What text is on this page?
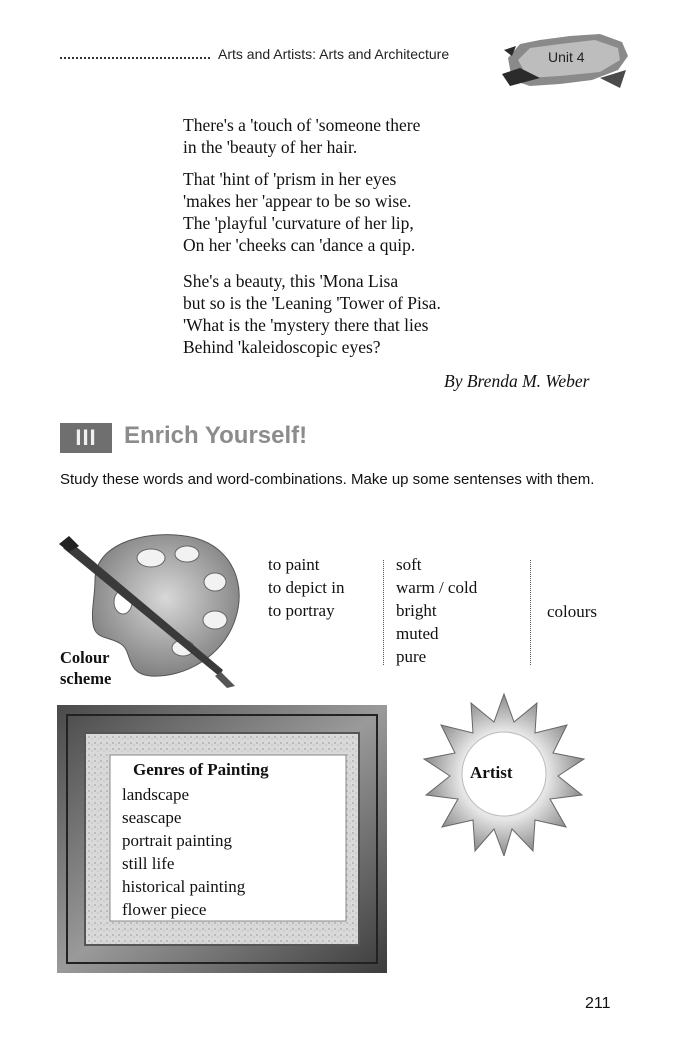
Arts and Artists: Arts and Architecture	Unit 4
There's a 'touch of 'someone there
in the 'beauty of her hair.
That 'hint of 'prism in her eyes
'makes her 'appear to be so wise.
The 'playful 'curvature of her lip,
On her 'cheeks can 'dance a quip.
She's a beauty, this 'Mona Lisa
but so is the 'Leaning 'Tower of Pisa.
'What is the 'mystery there that lies
Behind 'kaleidoscopic eyes?
By Brenda M. Weber
III	Enrich Yourself!
Study these words and word-combinations. Make up some sentenses with them.
Colour
scheme
to paint
to depict in
to portray
soft
warm / cold
bright
muted
pure
colours
Genres of Painting
landscape
seascape
portrait painting
still life
historical painting
flower piece
Artist
211
